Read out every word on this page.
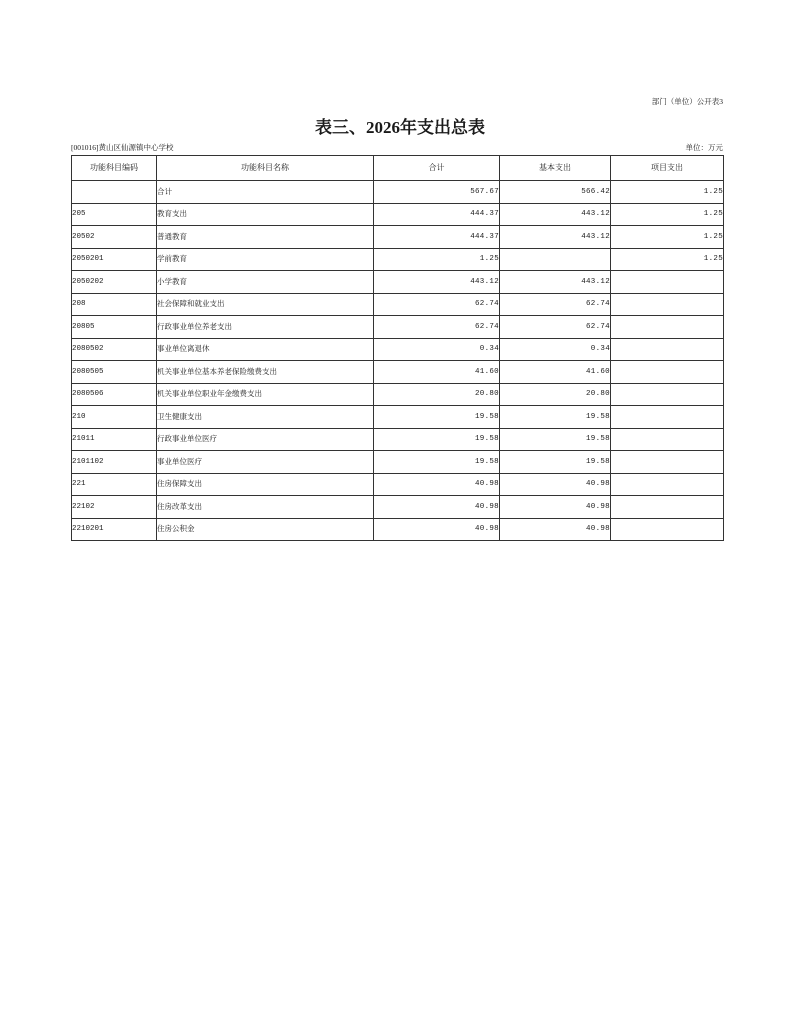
部门（单位）公开表3
表三、2026年支出总表
[001016]黄山区仙源镇中心学校	单位：万元
功能科目编码	功能科目名称	合计	基本支出	项目支出
	合计	567.67	566.42	1.25
205	教育支出	444.37	443.12	1.25
20502	普通教育	444.37	443.12	1.25
2050201	学前教育	1.25		1.25
2050202	小学教育	443.12	443.12	
208	社会保障和就业支出	62.74	62.74	
20805	行政事业单位养老支出	62.74	62.74	
2080502	事业单位离退休	0.34	0.34	
2080505	机关事业单位基本养老保险缴费支出	41.60	41.60	
2080506	机关事业单位职业年金缴费支出	20.80	20.80	
210	卫生健康支出	19.58	19.58	
21011	行政事业单位医疗	19.58	19.58	
2101102	事业单位医疗	19.58	19.58	
221	住房保障支出	40.98	40.98	
22102	住房改革支出	40.98	40.98	
2210201	住房公积金	40.98	40.98	
